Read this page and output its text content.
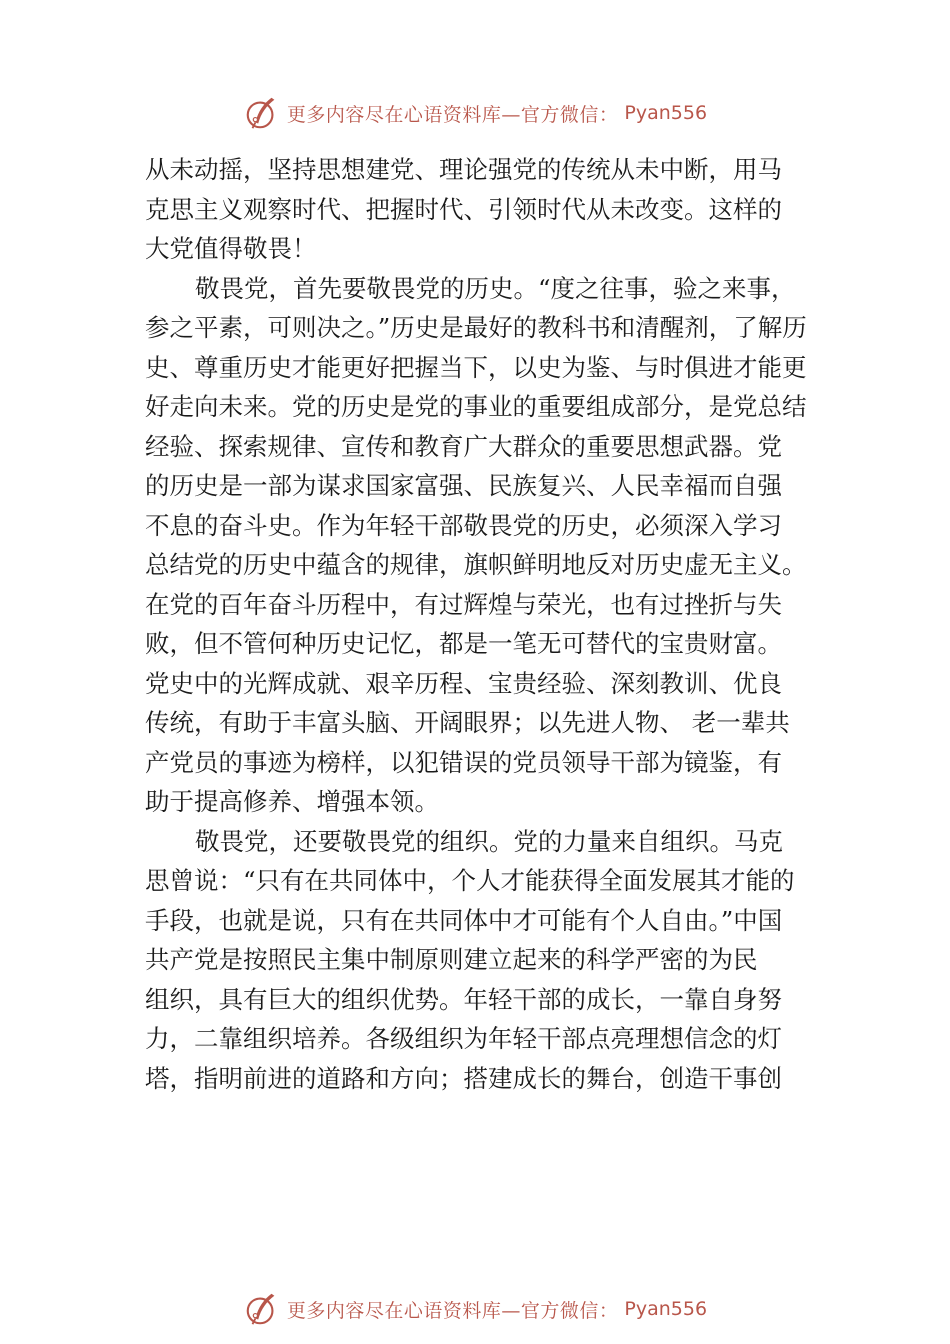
更多内容尽在心语资料库—官方微信： Pyan556
从未动摇，坚持思想建党、理论强党的传统从未中断，用马
克思主义观察时代、把握时代、引领时代从未改变。这样的
大党值得敬畏！
敬畏党，首先要敬畏党的历史。“度之往事，验之来事，
参之平素，可则决之。”历史是最好的教科书和清醒剂，了解历
史、尊重历史才能更好把握当下，以史为鉴、与时俱进才能更
好走向未来。党的历史是党的事业的重要组成部分，是党总结
经验、探索规律、宣传和教育广大群众的重要思想武器。党
的历史是一部为谋求国家富强、民族复兴、人民幸福而自强
不息的奋斗史。作为年轻干部敬畏党的历史，必须深入学习
总结党的历史中蕴含的规律，旗帜鲜明地反对历史虚无主义。
在党的百年奋斗历程中，有过辉煌与荣光，也有过挫折与失
败，但不管何种历史记忆，都是一笔无可替代的宝贵财富。
党史中的光辉成就、艰辛历程、宝贵经验、深刻教训、优良
传统，有助于丰富头脑、开阔眼界；以先进人物、 老一辈共
产党员的事迹为榜样，以犯错误的党员领导干部为镜鉴，有
助于提高修养、增强本领。
敬畏党，还要敬畏党的组织。党的力量来自组织。马克
思曾说：“只有在共同体中，个人才能获得全面发展其才能的
手段，也就是说，只有在共同体中才可能有个人自由。”中国
共产党是按照民主集中制原则建立起来的科学严密的为民
组织，具有巨大的组织优势。年轻干部的成长，一靠自身努
力，二靠组织培养。各级组织为年轻干部点亮理想信念的灯
塔，指明前进的道路和方向；搭建成长的舞台，创造干事创
更多内容尽在心语资料库—官方微信： Pyan556
